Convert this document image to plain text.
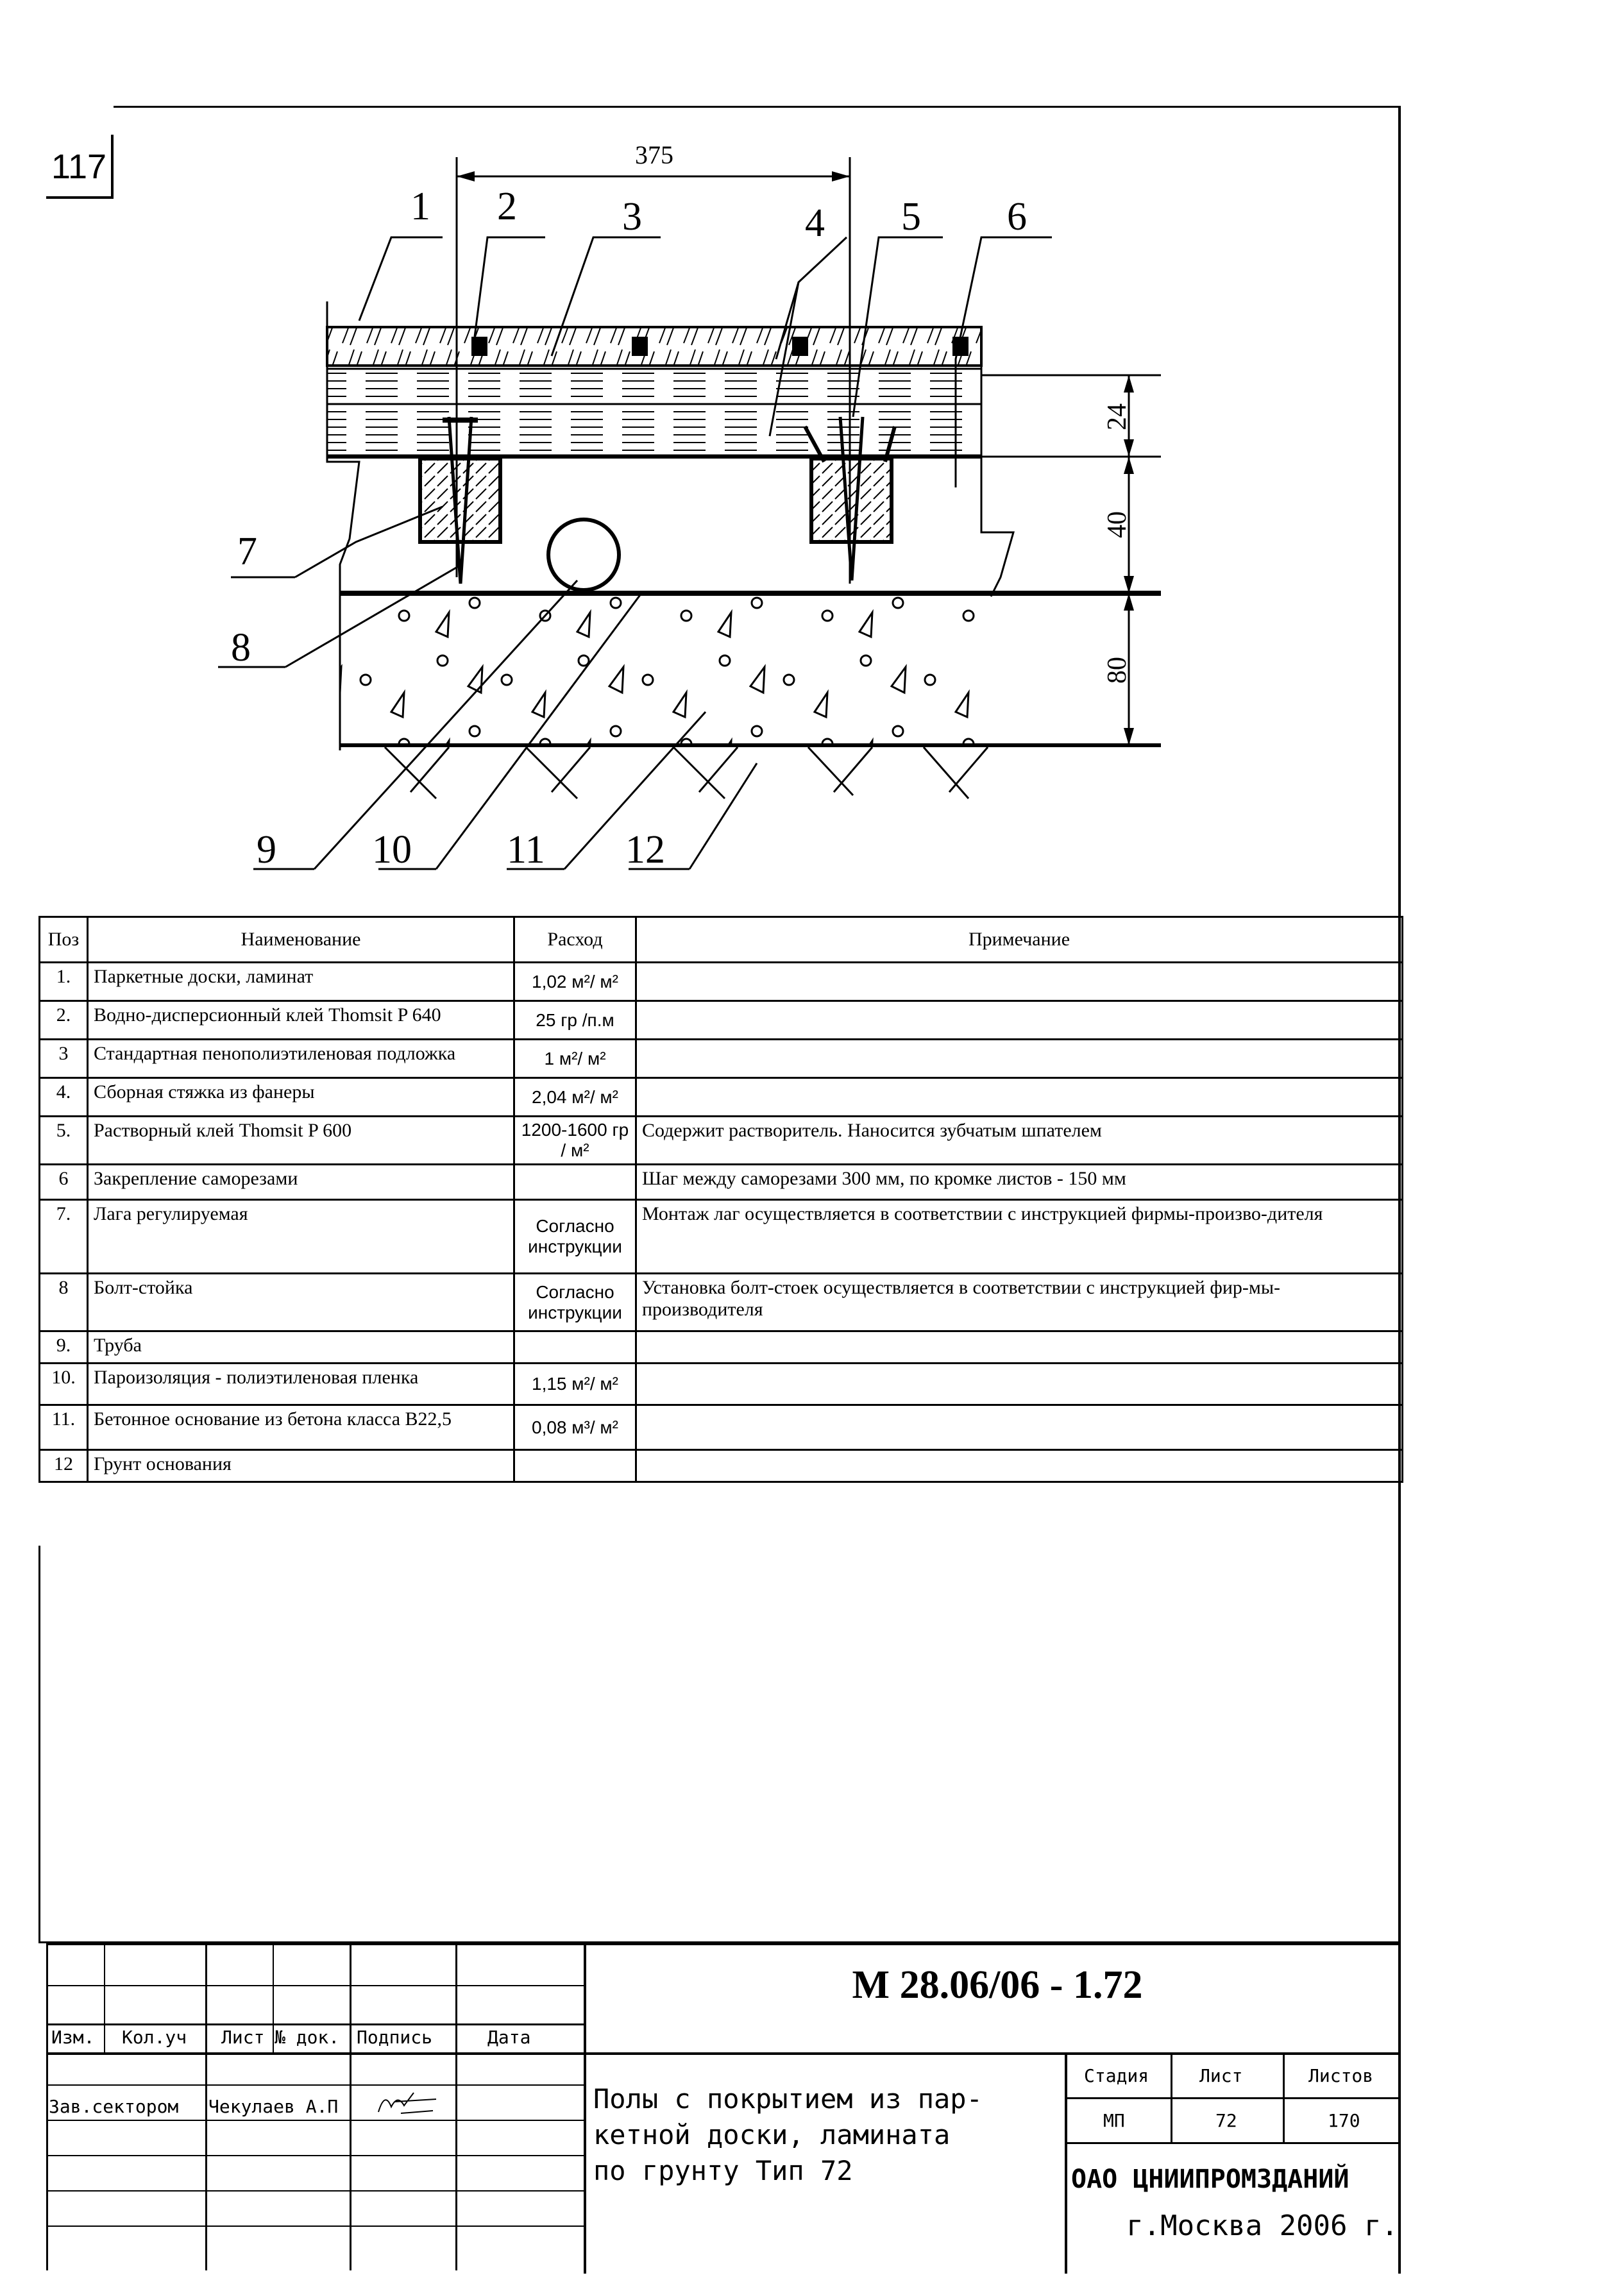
117
24
40
80
375
1 2	3	4 5 6
7
8
9 10 11 12
Поз	Наименование	Расход	Примечание
1.	Паркетные доски, ламинат	1,02 м²/ м²	
2.	Водно-дисперсионный клей Thomsit P 640	25 гр /п.м	
3	Стандартная пенополиэтиленовая подложка	1 м²/ м²	
4.	Сборная стяжка из фанеры	2,04 м²/ м²	
5.	Растворный клей Thomsit P 600	1200-1600 гр / м²	Содержит растворитель. Наносится зубчатым шпателем
6	Закрепление саморезами		Шаг между саморезами 300 мм, по кромке листов - 150 мм
7.	Лага регулируемая	Согласно инструкции	Монтаж лаг осуществляется в соответствии с инструкцией фирмы-произво-дителя
8	Болт-стойка	Согласно инструкции	Установка болт-стоек осуществляется в соответствии с инструкцией фир-мы-производителя
9.	Труба		
10.	Пароизоляция - полиэтиленовая пленка	1,15 м²/ м²	
11.	Бетонное основание из бетона класса В22,5	0,08 м³/ м²	
12	Грунт основания		
Изм. Кол.уч Лист № док. Подпись	Дата
Зав.сектором Чекулаев А.П
М 28.06/06 - 1.72
Полы с покрытием из пар-
кетной доски, ламината
по грунту Тип 72
Стадия	Лист	Листов
МП	72	170
ОАО ЦНИИПРОМЗДАНИЙ
г.Москва 2006 г.
